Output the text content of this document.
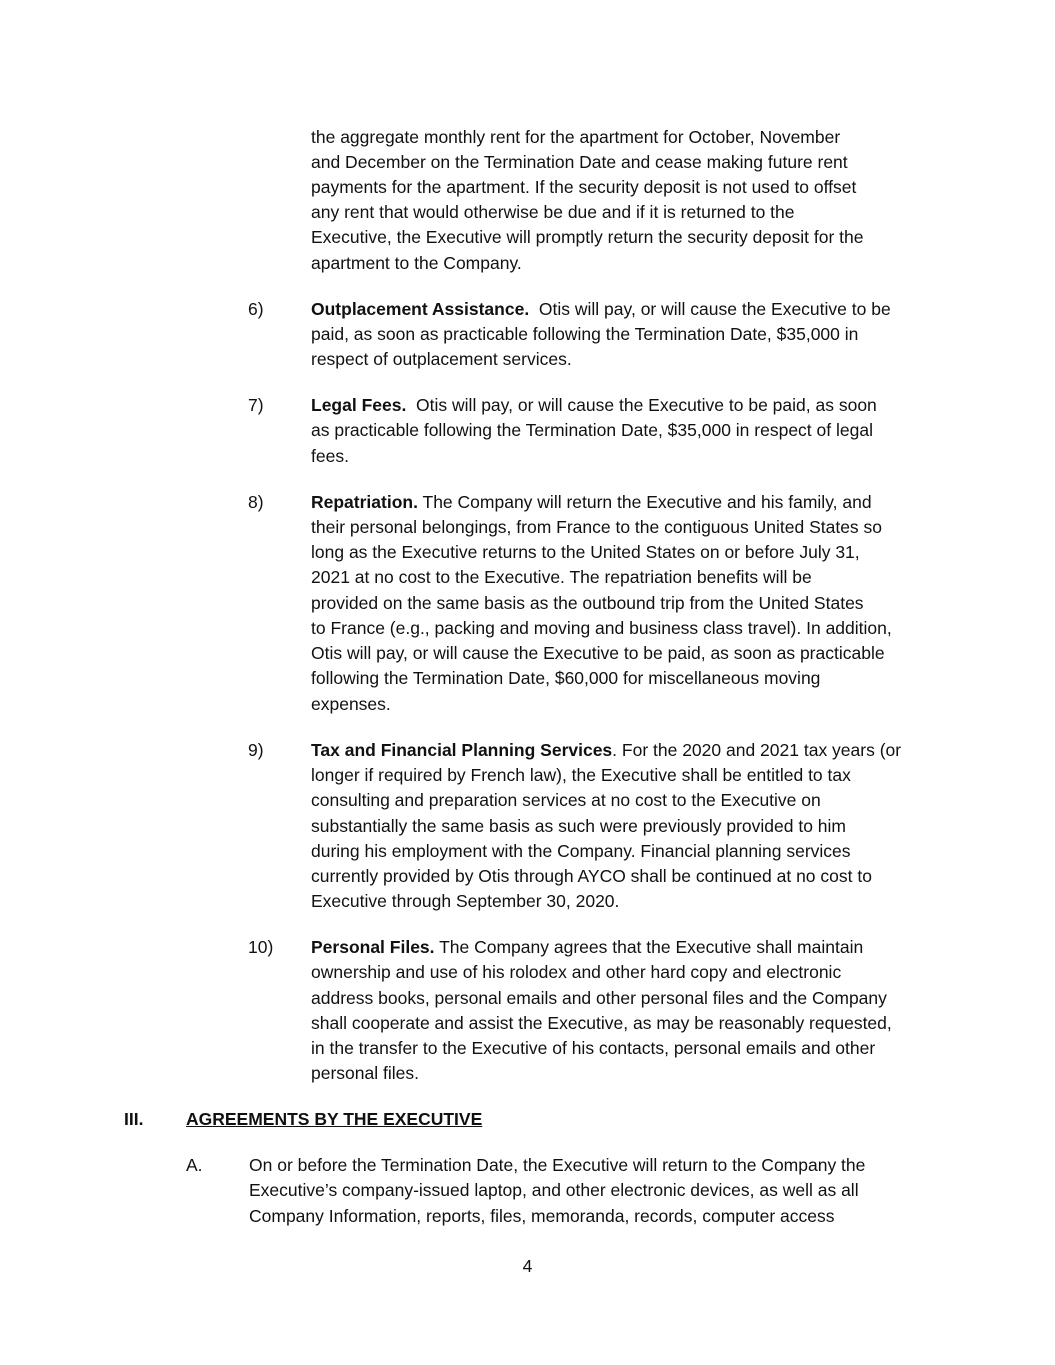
the aggregate monthly rent for the apartment for October, November
and December on the Termination Date and cease making future rent
payments for the apartment. If the security deposit is not used to offset
any rent that would otherwise be due and if it is returned to the
Executive, the Executive will promptly return the security deposit for the
apartment to the Company.
6)	Outplacement Assistance.  Otis will pay, or will cause the Executive to be
paid, as soon as practicable following the Termination Date, $35,000 in
respect of outplacement services.
7)	Legal Fees.  Otis will pay, or will cause the Executive to be paid, as soon
as practicable following the Termination Date, $35,000 in respect of legal
fees.
8)	Repatriation. The Company will return the Executive and his family, and
their personal belongings, from France to the contiguous United States so
long as the Executive returns to the United States on or before July 31,
2021 at no cost to the Executive. The repatriation benefits will be
provided on the same basis as the outbound trip from the United States
to France (e.g., packing and moving and business class travel). In addition,
Otis will pay, or will cause the Executive to be paid, as soon as practicable
following the Termination Date, $60,000 for miscellaneous moving
expenses.
9)	Tax and Financial Planning Services. For the 2020 and 2021 tax years (or
longer if required by French law), the Executive shall be entitled to tax
consulting and preparation services at no cost to the Executive on
substantially the same basis as such were previously provided to him
during his employment with the Company. Financial planning services
currently provided by Otis through AYCO shall be continued at no cost to
Executive through September 30, 2020.
10) Personal Files. The Company agrees that the Executive shall maintain
ownership and use of his rolodex and other hard copy and electronic
address books, personal emails and other personal files and the Company
shall cooperate and assist the Executive, as may be reasonably requested,
in the transfer to the Executive of his contacts, personal emails and other
personal files.
III. AGREEMENTS BY THE EXECUTIVE
A.	On or before the Termination Date, the Executive will return to the Company the
Executive’s company-issued laptop, and other electronic devices, as well as all
Company Information, reports, files, memoranda, records, computer access
4
